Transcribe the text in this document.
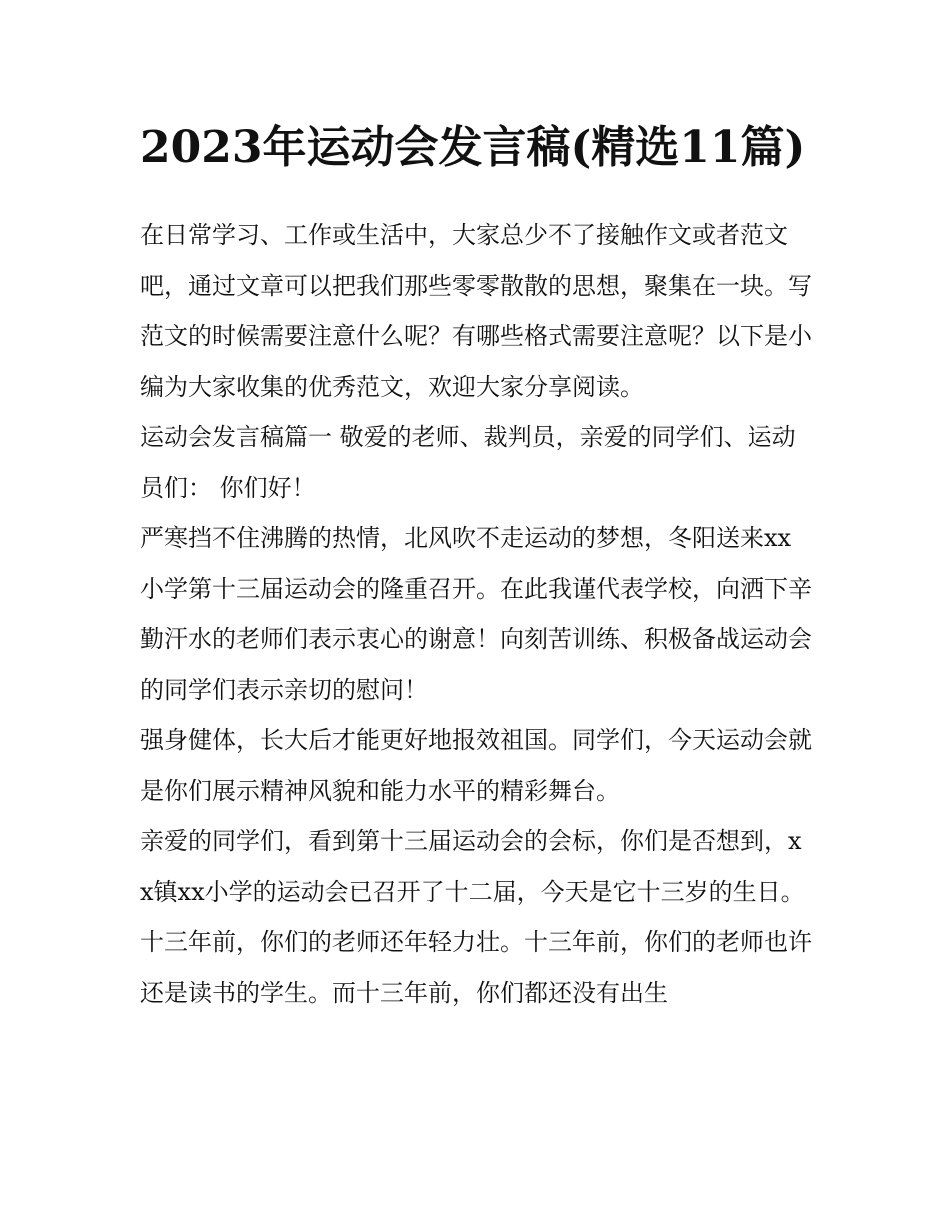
2023年运动会发言稿(精选11篇)

在日常学习、工作或生活中，大家总少不了接触作文或者范文吧，通过文章可以把我们那些零零散散的思想，聚集在一块。写范文的时候需要注意什么呢？有哪些格式需要注意呢？以下是小编为大家收集的优秀范文，欢迎大家分享阅读。

运动会发言稿篇一 敬爱的老师、裁判员，亲爱的同学们、运动员们： 你们好！

严寒挡不住沸腾的热情，北风吹不走运动的梦想，冬阳送来xx小学第十三届运动会的隆重召开。在此我谨代表学校，向洒下辛勤汗水的老师们表示衷心的谢意！向刻苦训练、积极备战运动会的同学们表示亲切的慰问！

强身健体，长大后才能更好地报效祖国。同学们，今天运动会就是你们展示精神风貌和能力水平的精彩舞台。

亲爱的同学们，看到第十三届运动会的会标，你们是否想到，xx镇xx小学的运动会已召开了十二届，今天是它十三岁的生日。十三年前，你们的老师还年轻力壮。十三年前，你们的老师也许还是读书的学生。而十三年前，你们都还没有出生
